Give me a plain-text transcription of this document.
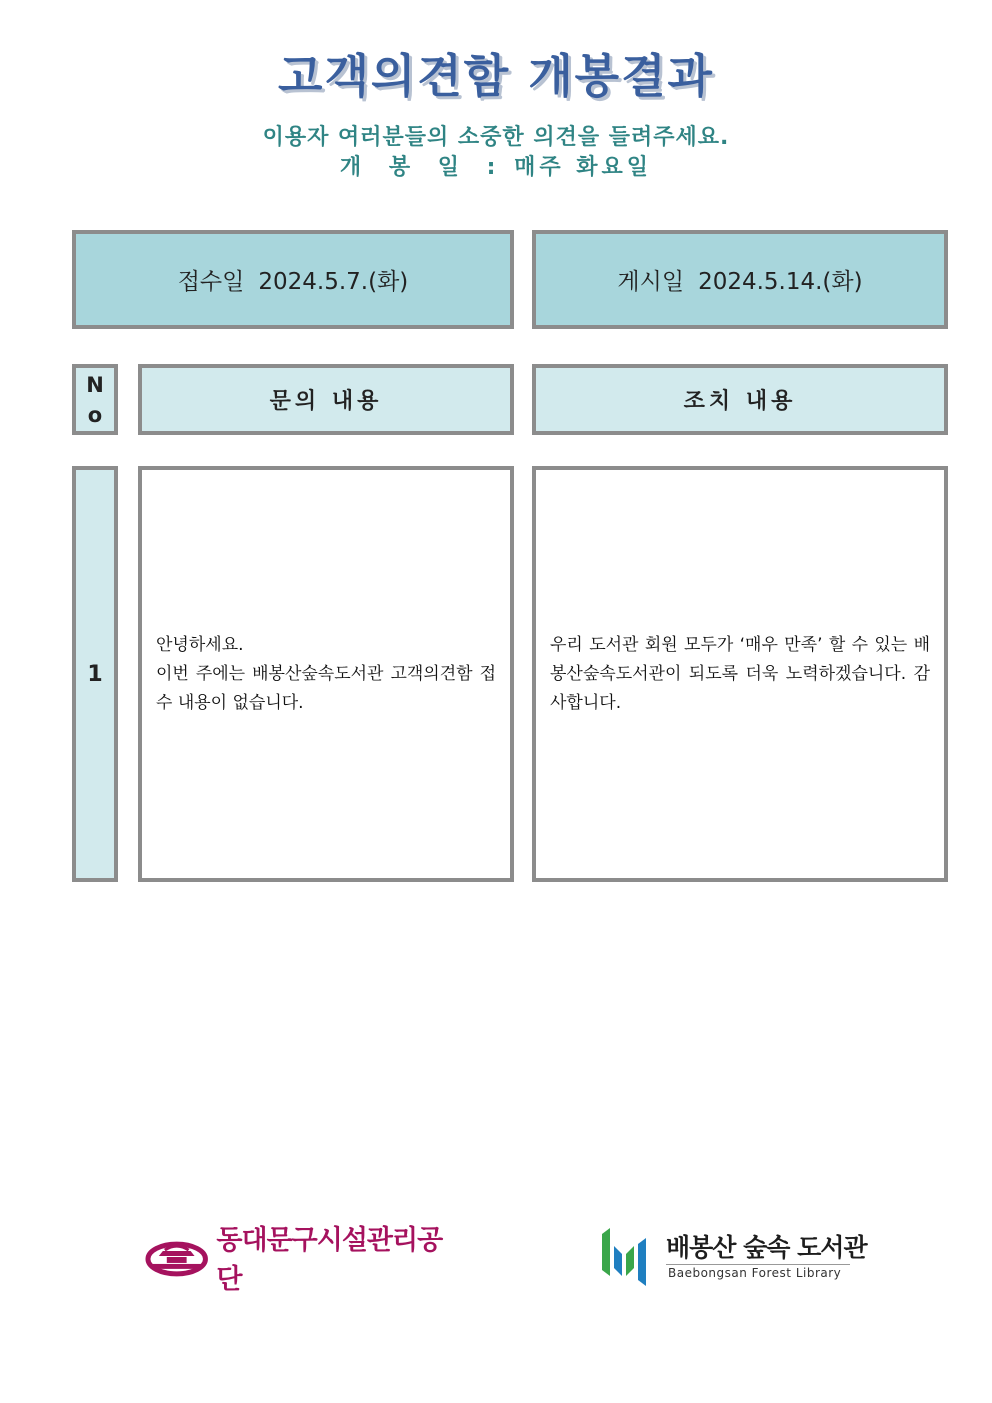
고객의견함 개봉결과
이용자 여러분들의 소중한 의견을 들려주세요.
개 봉 일 : 매주 화요일
접수일 2024.5.7.(화)	게시일 2024.5.14.(화)
N
o
문의 내용	조치 내용
1

안녕하세요.

이번 주에는 배봉산숲속도서관 고객의견함 접수 내용이 없습니다.

우리 도서관 회원 모두가 ‘매우 만족’ 할 수 있는 배봉산숲속도서관이 되도록 더욱 노력하겠습니다. 감사합니다.

동대문구시설관리공단
배봉산 숲속 도서관
Baebongsan Forest Library
